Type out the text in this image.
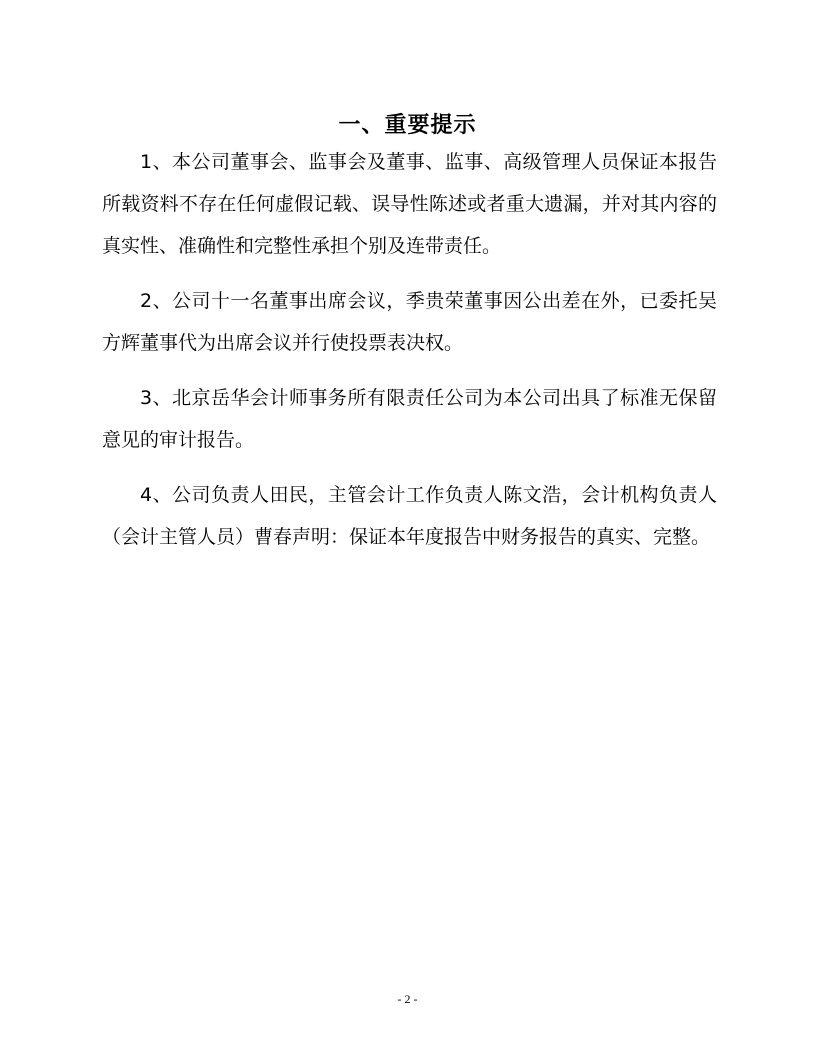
一、重要提示

1、本公司董事会、监事会及董事、监事、高级管理人员保证本报告所载资料不存在任何虚假记载、误导性陈述或者重大遗漏，并对其内容的真实性、准确性和完整性承担个别及连带责任。

2、公司十一名董事出席会议，季贵荣董事因公出差在外，已委托吴方辉董事代为出席会议并行使投票表决权。

3、北京岳华会计师事务所有限责任公司为本公司出具了标准无保留意见的审计报告。

4、公司负责人田民，主管会计工作负责人陈文浩，会计机构负责人（会计主管人员）曹春声明：保证本年度报告中财务报告的真实、完整。

- 2 -
